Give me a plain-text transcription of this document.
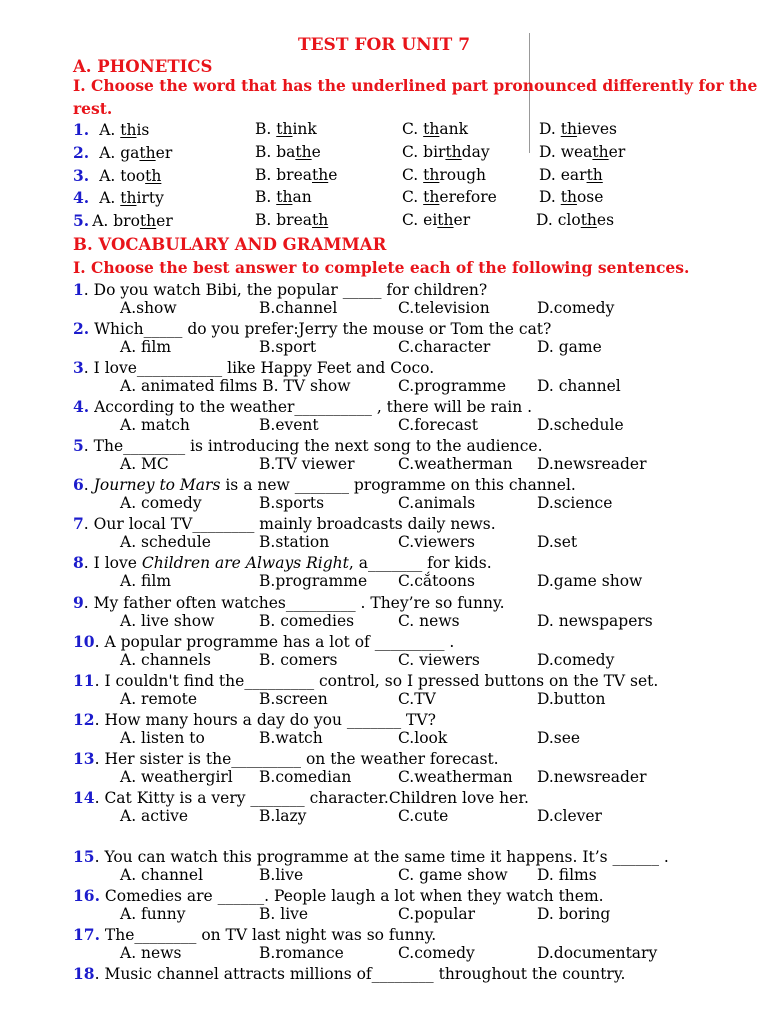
TEST FOR UNIT 7
A. PHONETICS
I. Choose the word that has the underlined part pronounced differently for the
rest.
1. A. this	B. think	C. thank	D. thieves
2. A. gather	B. bathe	C. birthday	D. weather
3. A. tooth	B. breathe	C. through	D. earth
4. A. thirty	B. than	C. therefore	D. those
5. A. brother	B. breath	C. either	D. clothes
B. VOCABULARY AND GRAMMAR
I. Choose the best answer to complete each of the following sentences.
1. Do you watch Bibi, the popular _____ for children?
A.show	B.channel	C.television	D.comedy
2. Which_____ do you prefer:Jerry the mouse or Tom the cat?
A. film	B.sport	C.character	D. game
3. I love___________ like Happy Feet and Coco.
A. animated films B. TV show	C.programme D. channel
4. According to the weather__________ , there will be rain .
A. match	B.event	C.forecast	D.schedule
5. The________ is introducing the next song to the audience.
A. MC	B.TV viewer	C.weatherman D.newsreader
6. Journey to Mars is a new _______ programme on this channel.
A. comedy	B.sports	C.animals	D.science
7. Our local TV________ mainly broadcasts daily news.
A. schedule	B.station	C.viewers	D.set
8. I love Children are Always Right, a_______ for kids.
A. film	B.programme C.cắtoons	D.game show
9. My father often watches_________ . They’re so funny.
A. live show	B. comedies	C. news	D. newspapers
10. A popular programme has a lot of _________ .
A. channels	B. comers	C. viewers	D.comedy
11. I couldn't find the_________ control, so I pressed buttons on the TV set.
A. remote	B.screen	C.TV	D.button
12. How many hours a day do you _______ TV?
A. listen to	B.watch	C.look	D.see
13. Her sister is the_________ on the weather forecast.
A. weathergirl B.comedian	C.weatherman D.newsreader
14. Cat Kitty is a very _______ character.Children love her.
A. active	B.lazy	C.cute	D.clever
15. You can watch this programme at the same time it happens. It’s ______ .
A. channel	B.live	C. game show D. films
16. Comedies are ______. People laugh a lot when they watch them.
A. funny	B. live	C.popular	D. boring
17. The________ on TV last night was so funny.
A. news	B.romance	C.comedy	D.documentary
18. Music channel attracts millions of________ throughout the country.
